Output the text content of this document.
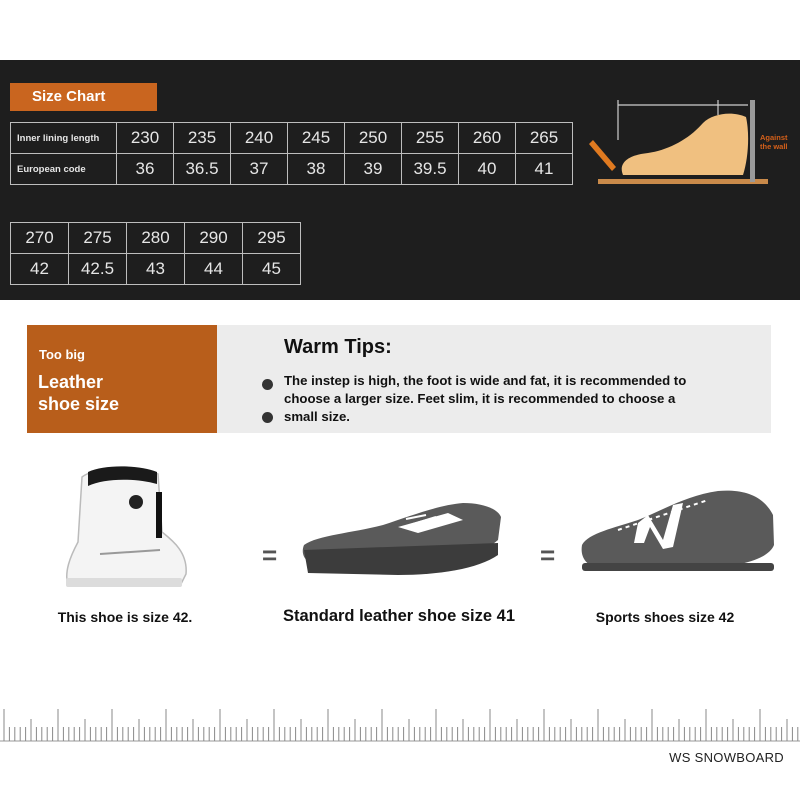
Size Chart
Inner lining length	230	235	240	245	250	255	260	265
European code	36	36.5	37	38	39	39.5	40	41
270	275	280	290	295
42	42.5	43	44	45
Against the wall
Too big
Leather
shoe size
Warm Tips:
The instep is high, the foot is wide and fat, it is recommended to choose a larger size. Feet slim, it is recommended to choose a small size.
=	=
This shoe is size 42.	Standard leather shoe size 41	Sports shoes size 42
WS SNOWBOARD
